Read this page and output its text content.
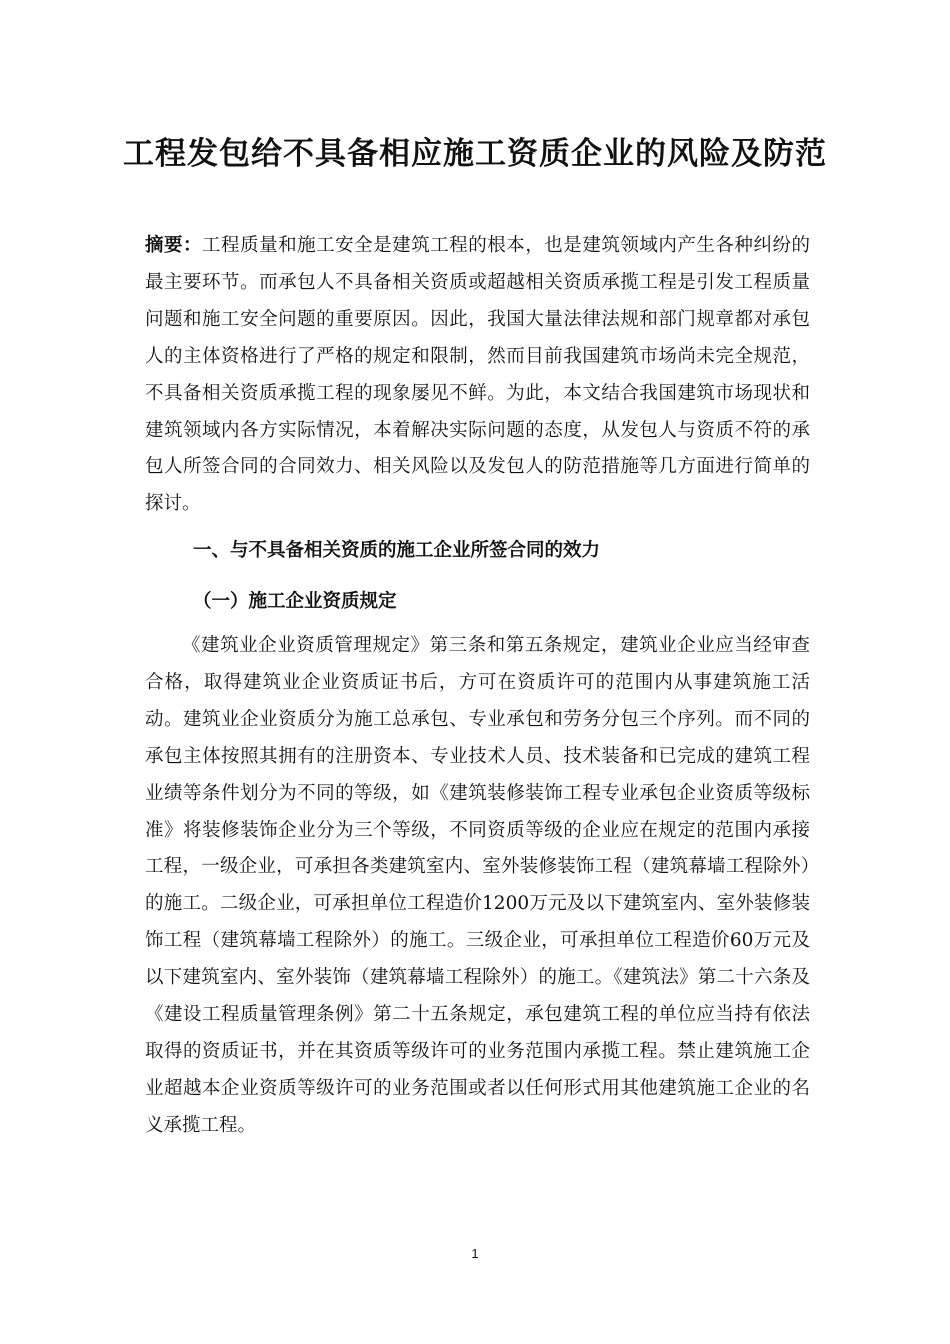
工程发包给不具备相应施工资质企业的风险及防范

摘要：工程质量和施工安全是建筑工程的根本，也是建筑领域内产生各种纠纷的最主要环节。而承包人不具备相关资质或超越相关资质承揽工程是引发工程质量问题和施工安全问题的重要原因。因此，我国大量法律法规和部门规章都对承包人的主体资格进行了严格的规定和限制，然而目前我国建筑市场尚未完全规范，不具备相关资质承揽工程的现象屡见不鲜。为此，本文结合我国建筑市场现状和建筑领域内各方实际情况，本着解决实际问题的态度，从发包人与资质不符的承包人所签合同的合同效力、相关风险以及发包人的防范措施等几方面进行简单的探讨。

一、与不具备相关资质的施工企业所签合同的效力
（一）施工企业资质规定

《建筑业企业资质管理规定》第三条和第五条规定，建筑业企业应当经审查合格，取得建筑业企业资质证书后，方可在资质许可的范围内从事建筑施工活动。建筑业企业资质分为施工总承包、专业承包和劳务分包三个序列。而不同的承包主体按照其拥有的注册资本、专业技术人员、技术装备和已完成的建筑工程业绩等条件划分为不同的等级，如《建筑装修装饰工程专业承包企业资质等级标准》将装修装饰企业分为三个等级，不同资质等级的企业应在规定的范围内承接工程，一级企业，可承担各类建筑室内、室外装修装饰工程（建筑幕墙工程除外）的施工。二级企业，可承担单位工程造价1200万元及以下建筑室内、室外装修装饰工程（建筑幕墙工程除外）的施工。三级企业，可承担单位工程造价60万元及以下建筑室内、室外装饰（建筑幕墙工程除外）的施工。《建筑法》第二十六条及《建设工程质量管理条例》第二十五条规定，承包建筑工程的单位应当持有依法取得的资质证书，并在其资质等级许可的业务范围内承揽工程。禁止建筑施工企业超越本企业资质等级许可的业务范围或者以任何形式用其他建筑施工企业的名义承揽工程。

1
